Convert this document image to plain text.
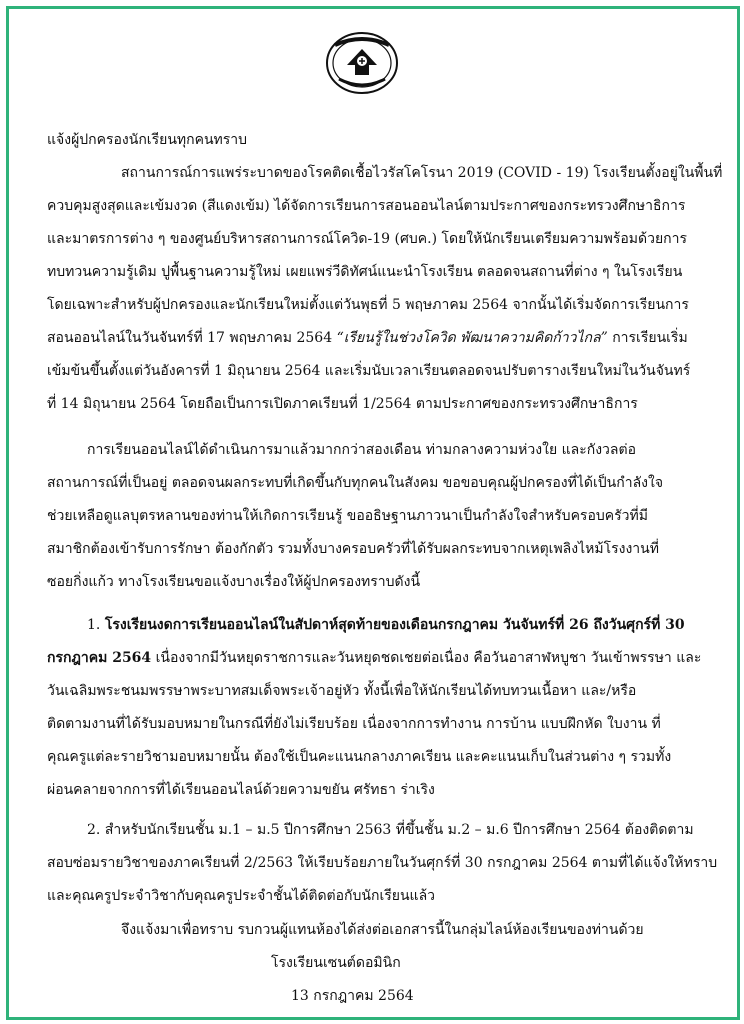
แจ้งผู้ปกครองนักเรียนทุกคนทราบ
สถานการณ์การแพร่ระบาดของโรคติดเชื้อไวรัสโคโรนา 2019 (COVID - 19) โรงเรียนตั้งอยู่ในพื้นที่
ควบคุมสูงสุดและเข้มงวด (สีแดงเข้ม) ได้จัดการเรียนการสอนออนไลน์ตามประกาศของกระทรวงศึกษาธิการ
และมาตรการต่าง ๆ ของศูนย์บริหารสถานการณ์โควิด-19 (ศบค.) โดยให้นักเรียนเตรียมความพร้อมด้วยการ
ทบทวนความรู้เดิม ปูพื้นฐานความรู้ใหม่ เผยแพร่วีดิทัศน์แนะนำโรงเรียน ตลอดจนสถานที่ต่าง ๆ ในโรงเรียน
โดยเฉพาะสำหรับผู้ปกครองและนักเรียนใหม่ตั้งแต่วันพุธที่ 5 พฤษภาคม 2564 จากนั้นได้เริ่มจัดการเรียนการ
สอนออนไลน์ในวันจันทร์ที่ 17 พฤษภาคม 2564 “เรียนรู้ในช่วงโควิด พัฒนาความคิดก้าวไกล” การเรียนเริ่ม
เข้มข้นขึ้นตั้งแต่วันอังคารที่ 1 มิถุนายน 2564 และเริ่มนับเวลาเรียนตลอดจนปรับตารางเรียนใหม่ในวันจันทร์
ที่ 14 มิถุนายน 2564 โดยถือเป็นการเปิดภาคเรียนที่ 1/2564 ตามประกาศของกระทรวงศึกษาธิการ
การเรียนออนไลน์ได้ดำเนินการมาแล้วมากกว่าสองเดือน ท่ามกลางความห่วงใย และกังวลต่อ
สถานการณ์ที่เป็นอยู่ ตลอดจนผลกระทบที่เกิดขึ้นกับทุกคนในสังคม ขอขอบคุณผู้ปกครองที่ได้เป็นกำลังใจ
ช่วยเหลือดูแลบุตรหลานของท่านให้เกิดการเรียนรู้ ขออธิษฐานภาวนาเป็นกำลังใจสำหรับครอบครัวที่มี
สมาชิกต้องเข้ารับการรักษา ต้องกักตัว รวมทั้งบางครอบครัวที่ได้รับผลกระทบจากเหตุเพลิงไหม้โรงงานที่
ซอยกิ่งแก้ว ทางโรงเรียนขอแจ้งบางเรื่องให้ผู้ปกครองทราบดังนี้
1. โรงเรียนงดการเรียนออนไลน์ในสัปดาห์สุดท้ายของเดือนกรกฎาคม วันจันทร์ที่ 26 ถึงวันศุกร์ที่ 30
กรกฎาคม 2564 เนื่องจากมีวันหยุดราชการและวันหยุดชดเชยต่อเนื่อง คือวันอาสาฬหบูชา วันเข้าพรรษา และ
วันเฉลิมพระชนมพรรษาพระบาทสมเด็จพระเจ้าอยู่หัว ทั้งนี้เพื่อให้นักเรียนได้ทบทวนเนื้อหา และ/หรือ
ติดตามงานที่ได้รับมอบหมายในกรณีที่ยังไม่เรียบร้อย เนื่องจากการทำงาน การบ้าน แบบฝึกหัด ใบงาน ที่
คุณครูแต่ละรายวิชามอบหมายนั้น ต้องใช้เป็นคะแนนกลางภาคเรียน และคะแนนเก็บในส่วนต่าง ๆ รวมทั้ง
ผ่อนคลายจากการที่ได้เรียนออนไลน์ด้วยความขยัน ศรัทธา ร่าเริง
2. สำหรับนักเรียนชั้น ม.1 – ม.5 ปีการศึกษา 2563 ที่ขึ้นชั้น ม.2 – ม.6 ปีการศึกษา 2564 ต้องติดตาม
สอบซ่อมรายวิชาของภาคเรียนที่ 2/2563 ให้เรียบร้อยภายในวันศุกร์ที่ 30 กรกฎาคม 2564 ตามที่ได้แจ้งให้ทราบ
และคุณครูประจำวิชากับคุณครูประจำชั้นได้ติดต่อกับนักเรียนแล้ว
จึงแจ้งมาเพื่อทราบ รบกวนผู้แทนห้องได้ส่งต่อเอกสารนี้ในกลุ่มไลน์ห้องเรียนของท่านด้วย
โรงเรียนเซนต์ดอมินิก
13 กรกฎาคม 2564
